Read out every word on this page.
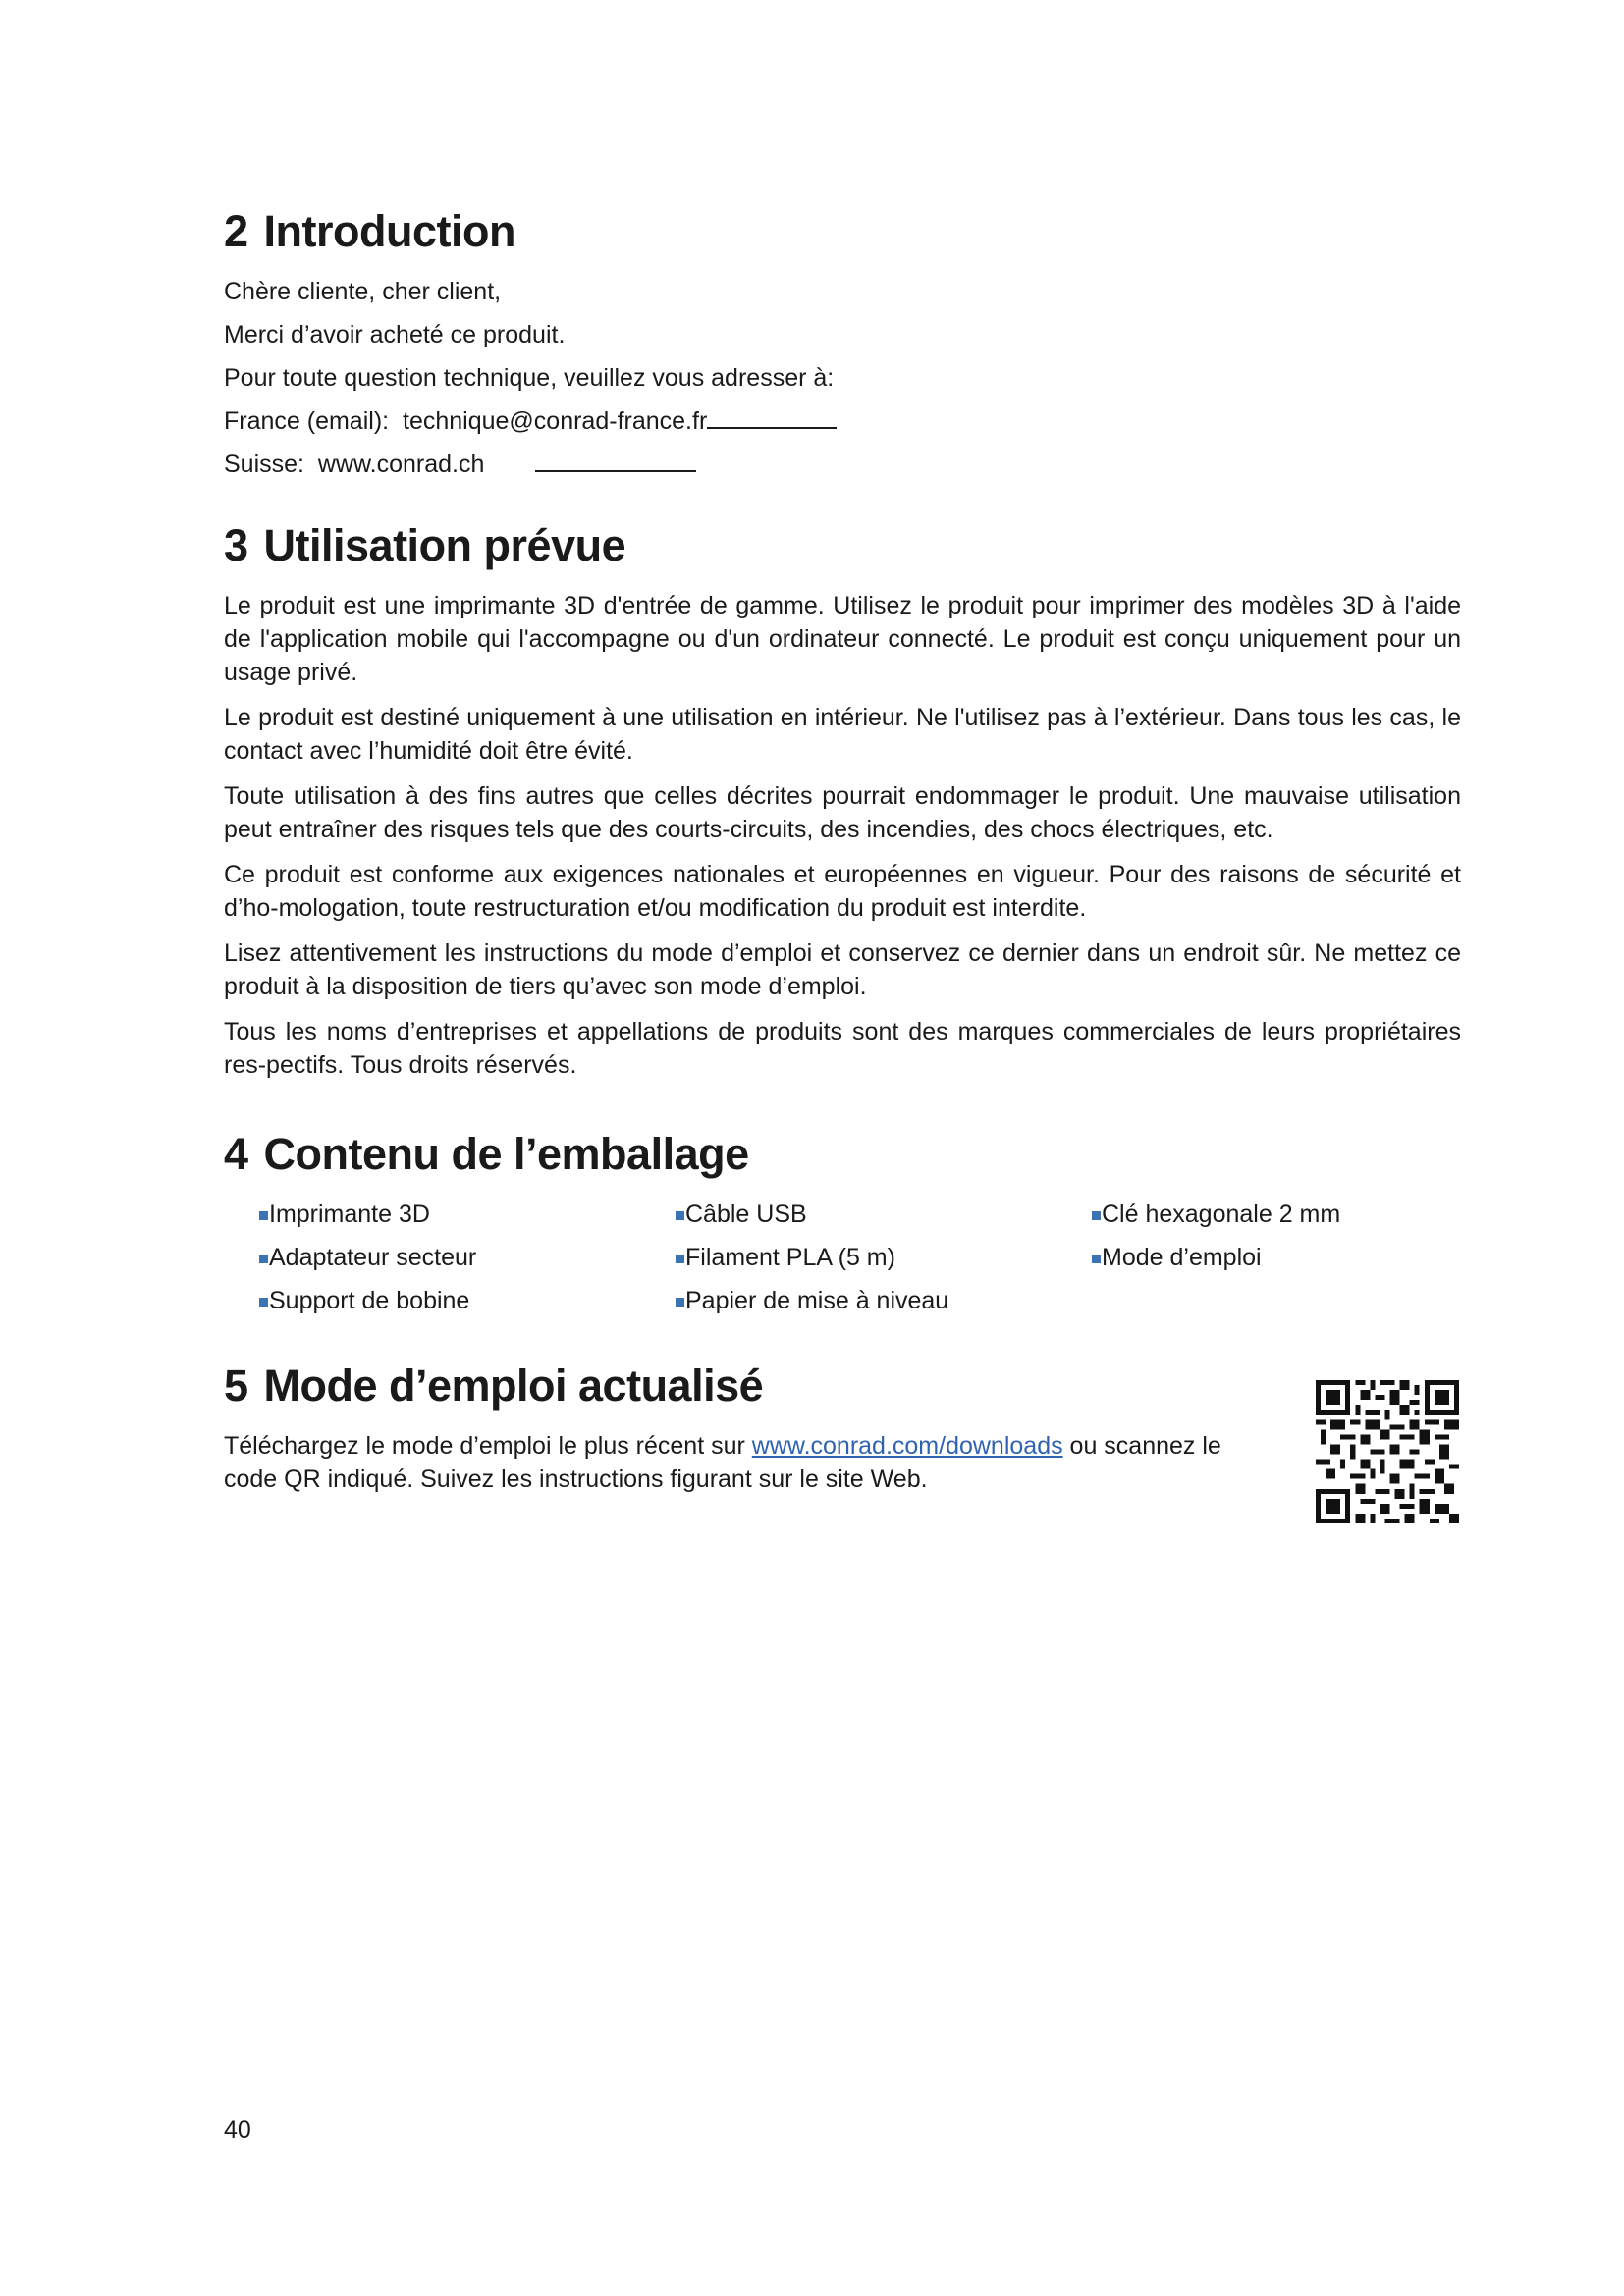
2 Introduction

Chère cliente, cher client,

Merci d’avoir acheté ce produit.

Pour toute question technique, veuillez vous adresser à:

France (email): technique@conrad-france.fr

Suisse: www.conrad.ch

3 Utilisation prévue

Le produit est une imprimante 3D d'entrée de gamme. Utilisez le produit pour imprimer des modèles 3D à l'aide de l'application mobile qui l'accompagne ou d'un ordinateur connecté. Le produit est conçu uniquement pour un usage privé.

Le produit est destiné uniquement à une utilisation en intérieur. Ne l'utilisez pas à l’extérieur. Dans tous les cas, le contact avec l’humidité doit être évité.

Toute utilisation à des fins autres que celles décrites pourrait endommager le produit. Une mauvaise utilisation peut entraîner des risques tels que des courts-circuits, des incendies, des chocs électriques, etc.

Ce produit est conforme aux exigences nationales et européennes en vigueur. Pour des raisons de sécurité et d’ho-mologation, toute restructuration et/ou modification du produit est interdite.

Lisez attentivement les instructions du mode d’emploi et conservez ce dernier dans un endroit sûr. Ne mettez ce produit à la disposition de tiers qu’avec son mode d’emploi.

Tous les noms d’entreprises et appellations de produits sont des marques commerciales de leurs propriétaires res-pectifs. Tous droits réservés.

4 Contenu de l’emballage
Imprimante 3D	Câble USB	Clé hexagonale 2 mm
Adaptateur secteur	Filament PLA (5 m)	Mode d’emploi
Support de bobine	Papier de mise à niveau
5 Mode d’emploi actualisé

Téléchargez le mode d’emploi le plus récent sur www.conrad.com/downloads ou scannez le code QR indiqué. Suivez les instructions figurant sur le site Web.

40
